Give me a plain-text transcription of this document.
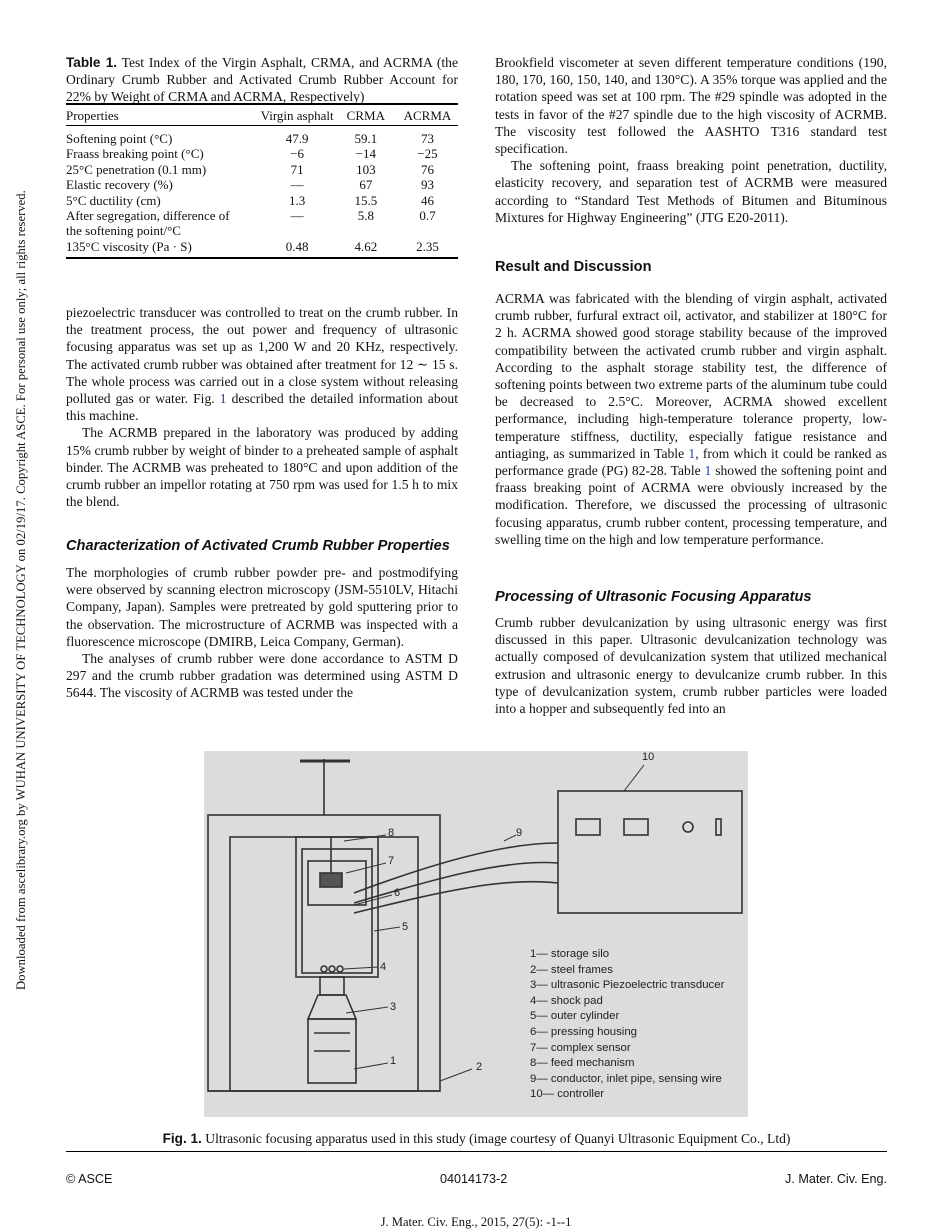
Downloaded from ascelibrary.org by WUHAN UNIVERSITY OF TECHNOLOGY on 02/19/17. Copyright ASCE. For personal use only; all rights reserved.
Table 1. Test Index of the Virgin Asphalt, CRMA, and ACRMA (the Ordinary Crumb Rubber and Activated Crumb Rubber Account for 22% by Weight of CRMA and ACRMA, Respectively)
Properties	Virgin asphalt	CRMA	ACRMA

Softening point (°C)	47.9	59.1	73
Fraass breaking point (°C)	−6	−14	−25
25°C penetration (0.1 mm)	71	103	76
Elastic recovery (%)	—	67	93
5°C ductility (cm)	1.3	15.5	46
After segregation, difference of the softening point/°C	—	5.8	0.7
135°C viscosity (Pa · S)	0.48	4.62	2.35

piezoelectric transducer was controlled to treat on the crumb rubber. In the treatment process, the out power and frequency of ultrasonic focusing apparatus was set up as 1,200 W and 20 KHz, respectively. The activated crumb rubber was obtained after treatment for 12 ∼ 15 s. The whole process was carried out in a close system without releasing polluted gas or water. Fig. 1 described the detailed information about this machine.

The ACRMB prepared in the laboratory was produced by adding 15% crumb rubber by weight of binder to a preheated sample of asphalt binder. The ACRMB was preheated to 180°C and upon addition of the crumb rubber an impellor rotating at 750 rpm was used for 1.5 h to mix the blend.

Characterization of Activated Crumb Rubber Properties

The morphologies of crumb rubber powder pre- and postmodifying were observed by scanning electron microscopy (JSM-5510LV, Hitachi Company, Japan). Samples were pretreated by gold sputtering prior to the observation. The microstructure of ACRMB was inspected with a fluorescence microscope (DMIRB, Leica Company, German).

The analyses of crumb rubber were done accordance to ASTM D 297 and the crumb rubber gradation was determined using ASTM D 5644. The viscosity of ACRMB was tested under the

Brookfield viscometer at seven different temperature conditions (190, 180, 170, 160, 150, 140, and 130°C). A 35% torque was applied and the rotation speed was set at 100 rpm. The #29 spindle was adopted in the tests in favor of the #27 spindle due to the high viscosity of ACRMB. The viscosity test followed the AASHTO T316 standard test specification.

The softening point, fraass breaking point penetration, ductility, elasticity recovery, and separation test of ACRMB were measured according to “Standard Test Methods of Bitumen and Bituminous Mixtures for Highway Engineering” (JTG E20-2011).

Result and Discussion

ACRMA was fabricated with the blending of virgin asphalt, activated crumb rubber, furfural extract oil, activator, and stabilizer at 180°C for 2 h. ACRMA showed good storage stability because of the improved compatibility between the activated crumb rubber and virgin asphalt. According to the asphalt storage stability test, the difference of softening points between two extreme parts of the aluminum tube could be decreased to 2.5°C. Moreover, ACRMA showed excellent performance, including high-temperature tolerance property, low-temperature stiffness, ductility, especially fatigue resistance and antiaging, as summarized in Table 1, from which it could be ranked as performance grade (PG) 82-28. Table 1 showed the softening point and fraass breaking point of ACRMA were obviously increased by the modification. Therefore, we discussed the processing of ultrasonic focusing apparatus, crumb rubber content, processing temperature, and swelling time on the high and low temperature performance.

Processing of Ultrasonic Focusing Apparatus

Crumb rubber devulcanization by using ultrasonic energy was first discussed in this paper. Ultrasonic devulcanization technology was actually composed of devulcanization system that utilized mechanical extrusion and ultrasonic energy to devulcanize crumb rubber. In this type of devulcanization system, crumb rubber particles were loaded into a hopper and subsequently fed into an

1	2
3
4
5
6
7
8	9
10
1— storage silo
2— steel frames
3— ultrasonic Piezoelectric transducer
4— shock pad
5— outer cylinder
6— pressing housing
7— complex sensor
8— feed mechanism
9— conductor, inlet pipe, sensing wire
10— controller
Fig. 1. Ultrasonic focusing apparatus used in this study (image courtesy of Quanyi Ultrasonic Equipment Co., Ltd)
© ASCE	04014173-2	J. Mater. Civ. Eng.
J. Mater. Civ. Eng., 2015, 27(5): -1--1
